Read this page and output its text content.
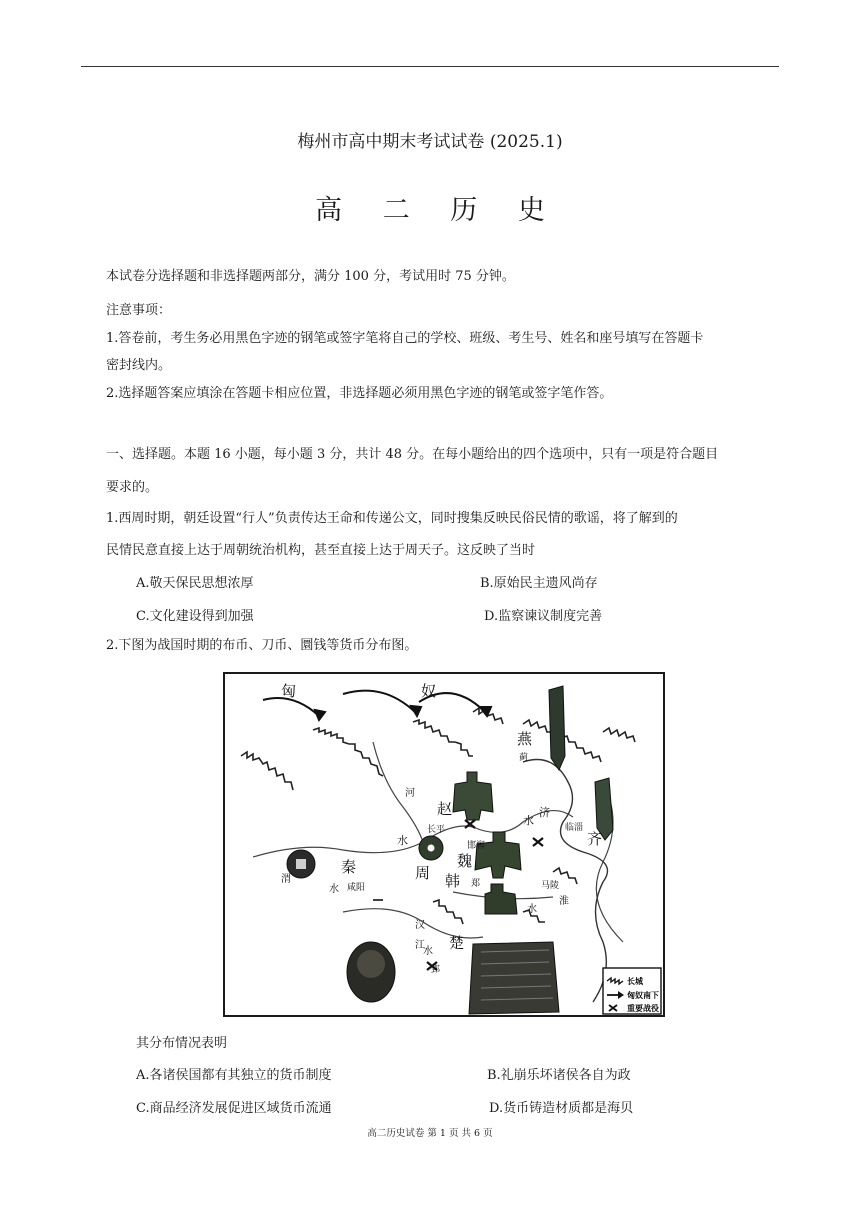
梅州市高中期末考试试卷 (2025.1)
高 二 历 史
本试卷分选择题和非选择题两部分，满分 100 分，考试用时 75 分钟。
注意事项：
1.答卷前，考生务必用黑色字迹的钢笔或签字笔将自己的学校、班级、考生号、姓名和座号填写在答题卡
密封线内。
2.选择题答案应填涂在答题卡相应位置，非选择题必须用黑色字迹的钢笔或签字笔作答。
一、选择题。本题 16 小题，每小题 3 分，共计 48 分。在每小题给出的四个选项中，只有一项是符合题目
要求的。
1.西周时期，朝廷设置“行人”负责传达王命和传递公文，同时搜集反映民俗民情的歌谣，将了解到的
民情民意直接上达于周朝统治机构，甚至直接上达于周天子。这反映了当时
A.敬天保民思想浓厚	B.原始民主遗风尚存
C.文化建设得到加强	D.监察谏议制度完善
2.下图为战国时期的布币、刀币、圜钱等货币分布图。
匈	奴
燕
蓟
赵
河
长平
邯郸
济
水
临淄
齐
水
秦	魏
渭
水 咸阳
周 韩 郑	马陵
淮
水
汉
江
水 楚
郢
长城
匈奴南下
重要战役
其分布情况表明
A.各诸侯国都有其独立的货币制度	B.礼崩乐坏诸侯各自为政
C.商品经济发展促进区域货币流通	D.货币铸造材质都是海贝
高二历史试卷 第 1 页 共 6 页
